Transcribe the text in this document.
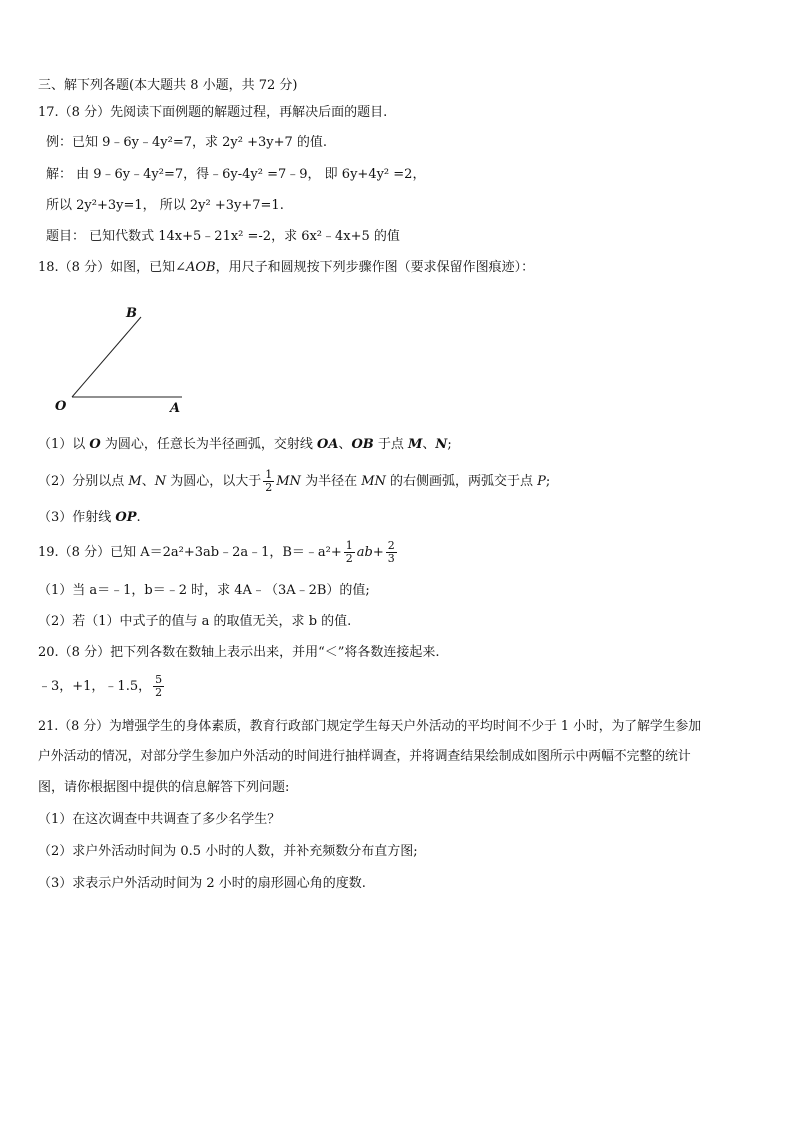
三、解下列各题(本大题共 8 小题，共 72 分)
17.（8 分）先阅读下面例题的解题过程，再解决后面的题目.
例：已知 9﹣6y﹣4y²=7，求 2y² +3y+7 的值.
解： 由 9﹣6y﹣4y²=7，得﹣6y-4y² =7﹣9， 即 6y+4y² =2，
所以 2y²+3y=1， 所以 2y² +3y+7=1.
题目： 已知代数式 14x+5﹣21x² =-2，求 6x²﹣4x+5 的值
18.（8 分）如图，已知∠AOB，用尺子和圆规按下列步骤作图（要求保留作图痕迹）：
B
O	A
（1）以 O 为圆心，任意长为半径画弧，交射线 OA、OB 于点 M、N;
（2）分别以点 M、N 为圆心，以大于 $\frac{1}{2}$ MN 为半径在 MN 的右侧画弧，两弧交于点 P;
（3）作射线 OP.
19.（8 分）已知 A＝2a²+3ab﹣2a﹣1，B＝﹣a²+ $\frac{1}{2} ab+ \frac{2}{3}$
（1）当 a＝﹣1，b＝﹣2 时，求 4A﹣（3A﹣2B）的值;
（2）若（1）中式子的值与 a 的取值无关，求 b 的值.
20.（8 分）把下列各数在数轴上表示出来，并用“＜”将各数连接起来.
﹣3，+1，﹣1.5， $\frac{5}{2}$
21.（8 分）为增强学生的身体素质，教育行政部门规定学生每天户外活动的平均时间不少于 1 小时，为了解学生参加
户外活动的情况，对部分学生参加户外活动的时间进行抽样调查，并将调查结果绘制成如图所示中两幅不完整的统计
图，请你根据图中提供的信息解答下列问题:
（1）在这次调查中共调查了多少名学生？
（2）求户外活动时间为 0.5 小时的人数，并补充频数分布直方图;
（3）求表示户外活动时间为 2 小时的扇形圆心角的度数.
